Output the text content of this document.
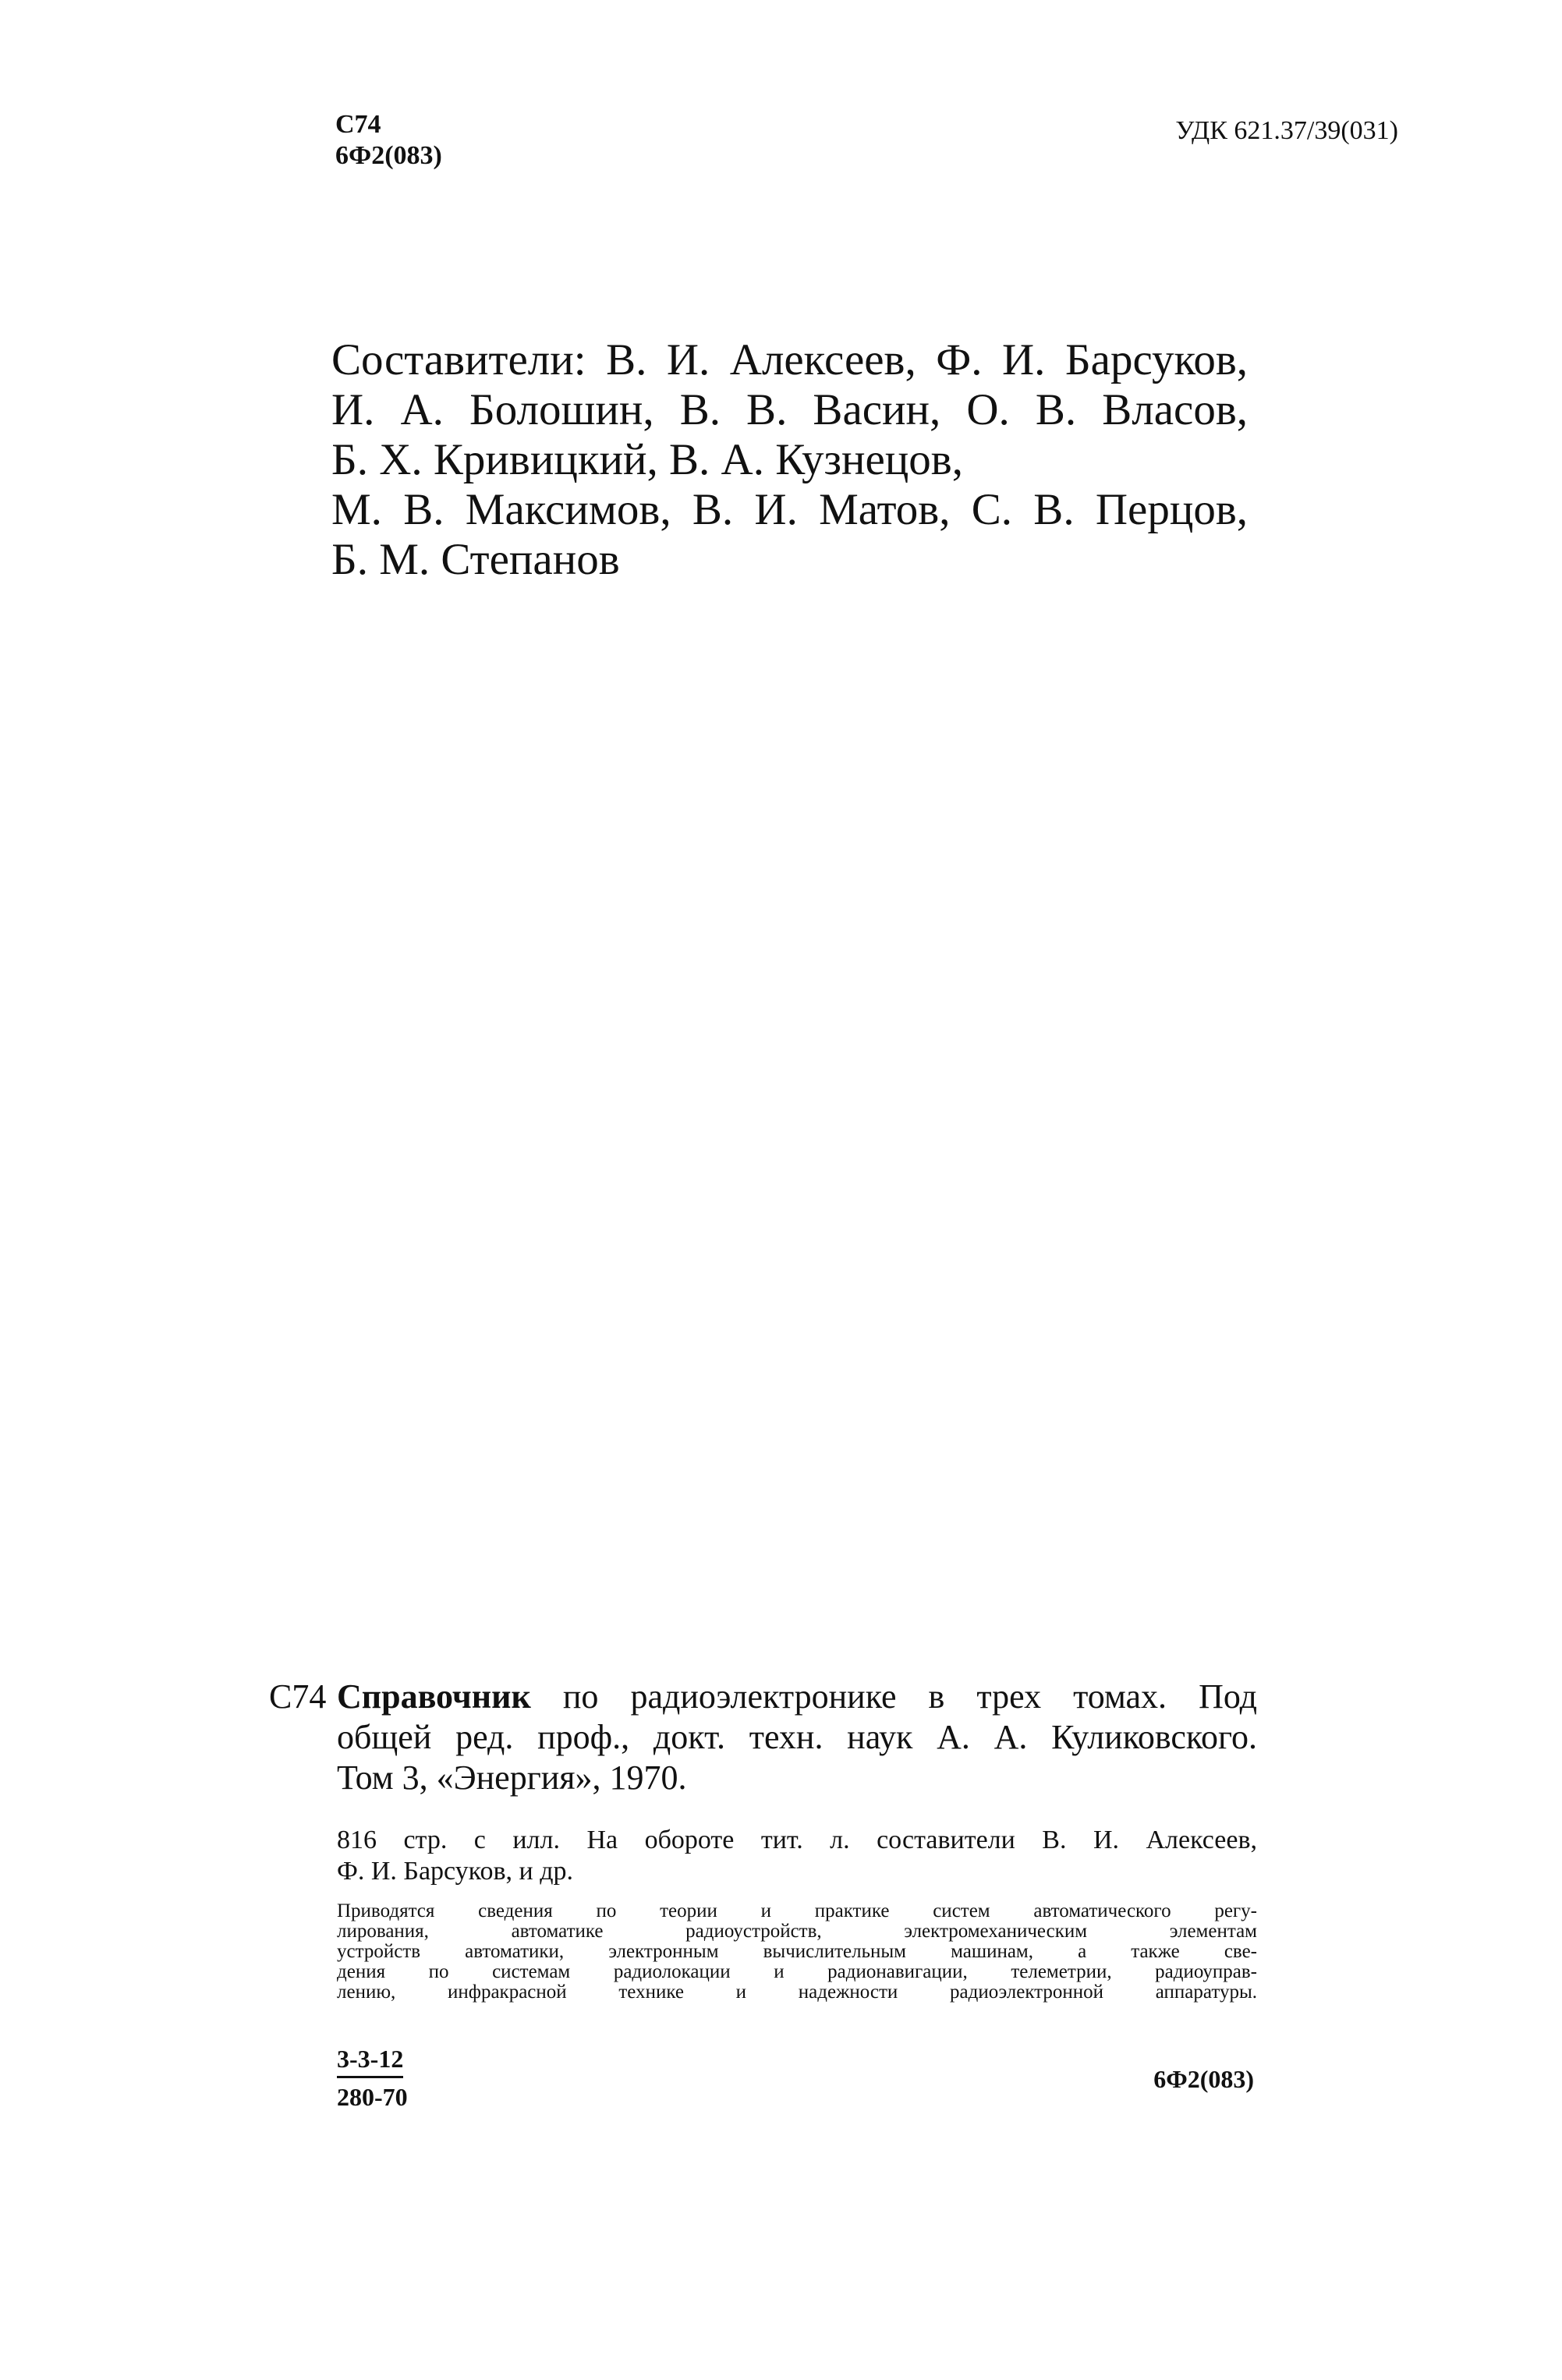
С74
6Ф2(083)
УДК 621.37/39(031)
Составители: В. И. Алексеев, Ф. И. Барсуков,
И. А. Болошин, В. В. Васин, О. В. Власов,
Б. Х. Кривицкий, В. А. Кузнецов,
М. В. Максимов, В. И. Матов, С. В. Перцов,
Б. М. Степанов
С74 Справочник по радиоэлектронике в трех томах. Под
общей ред. проф., докт. техн. наук А. А. Куликовского.
Том 3, «Энергия», 1970.
816 стр. с илл. На обороте тит. л. составители В. И. Алексеев,
Ф. И. Барсуков, и др.
Приводятся сведения по теории и практике систем автоматического регу-
лирования, автоматике радиоустройств, электромеханическим элементам
устройств автоматики, электронным вычислительным машинам, а также све-
дения по системам радиолокации и радионавигации, телеметрии, радиоуправ-
лению, инфракрасной технике и надежности радиоэлектронной аппаратуры.
$\frac{3-3-12}{280-70}$	6Ф2(083)
